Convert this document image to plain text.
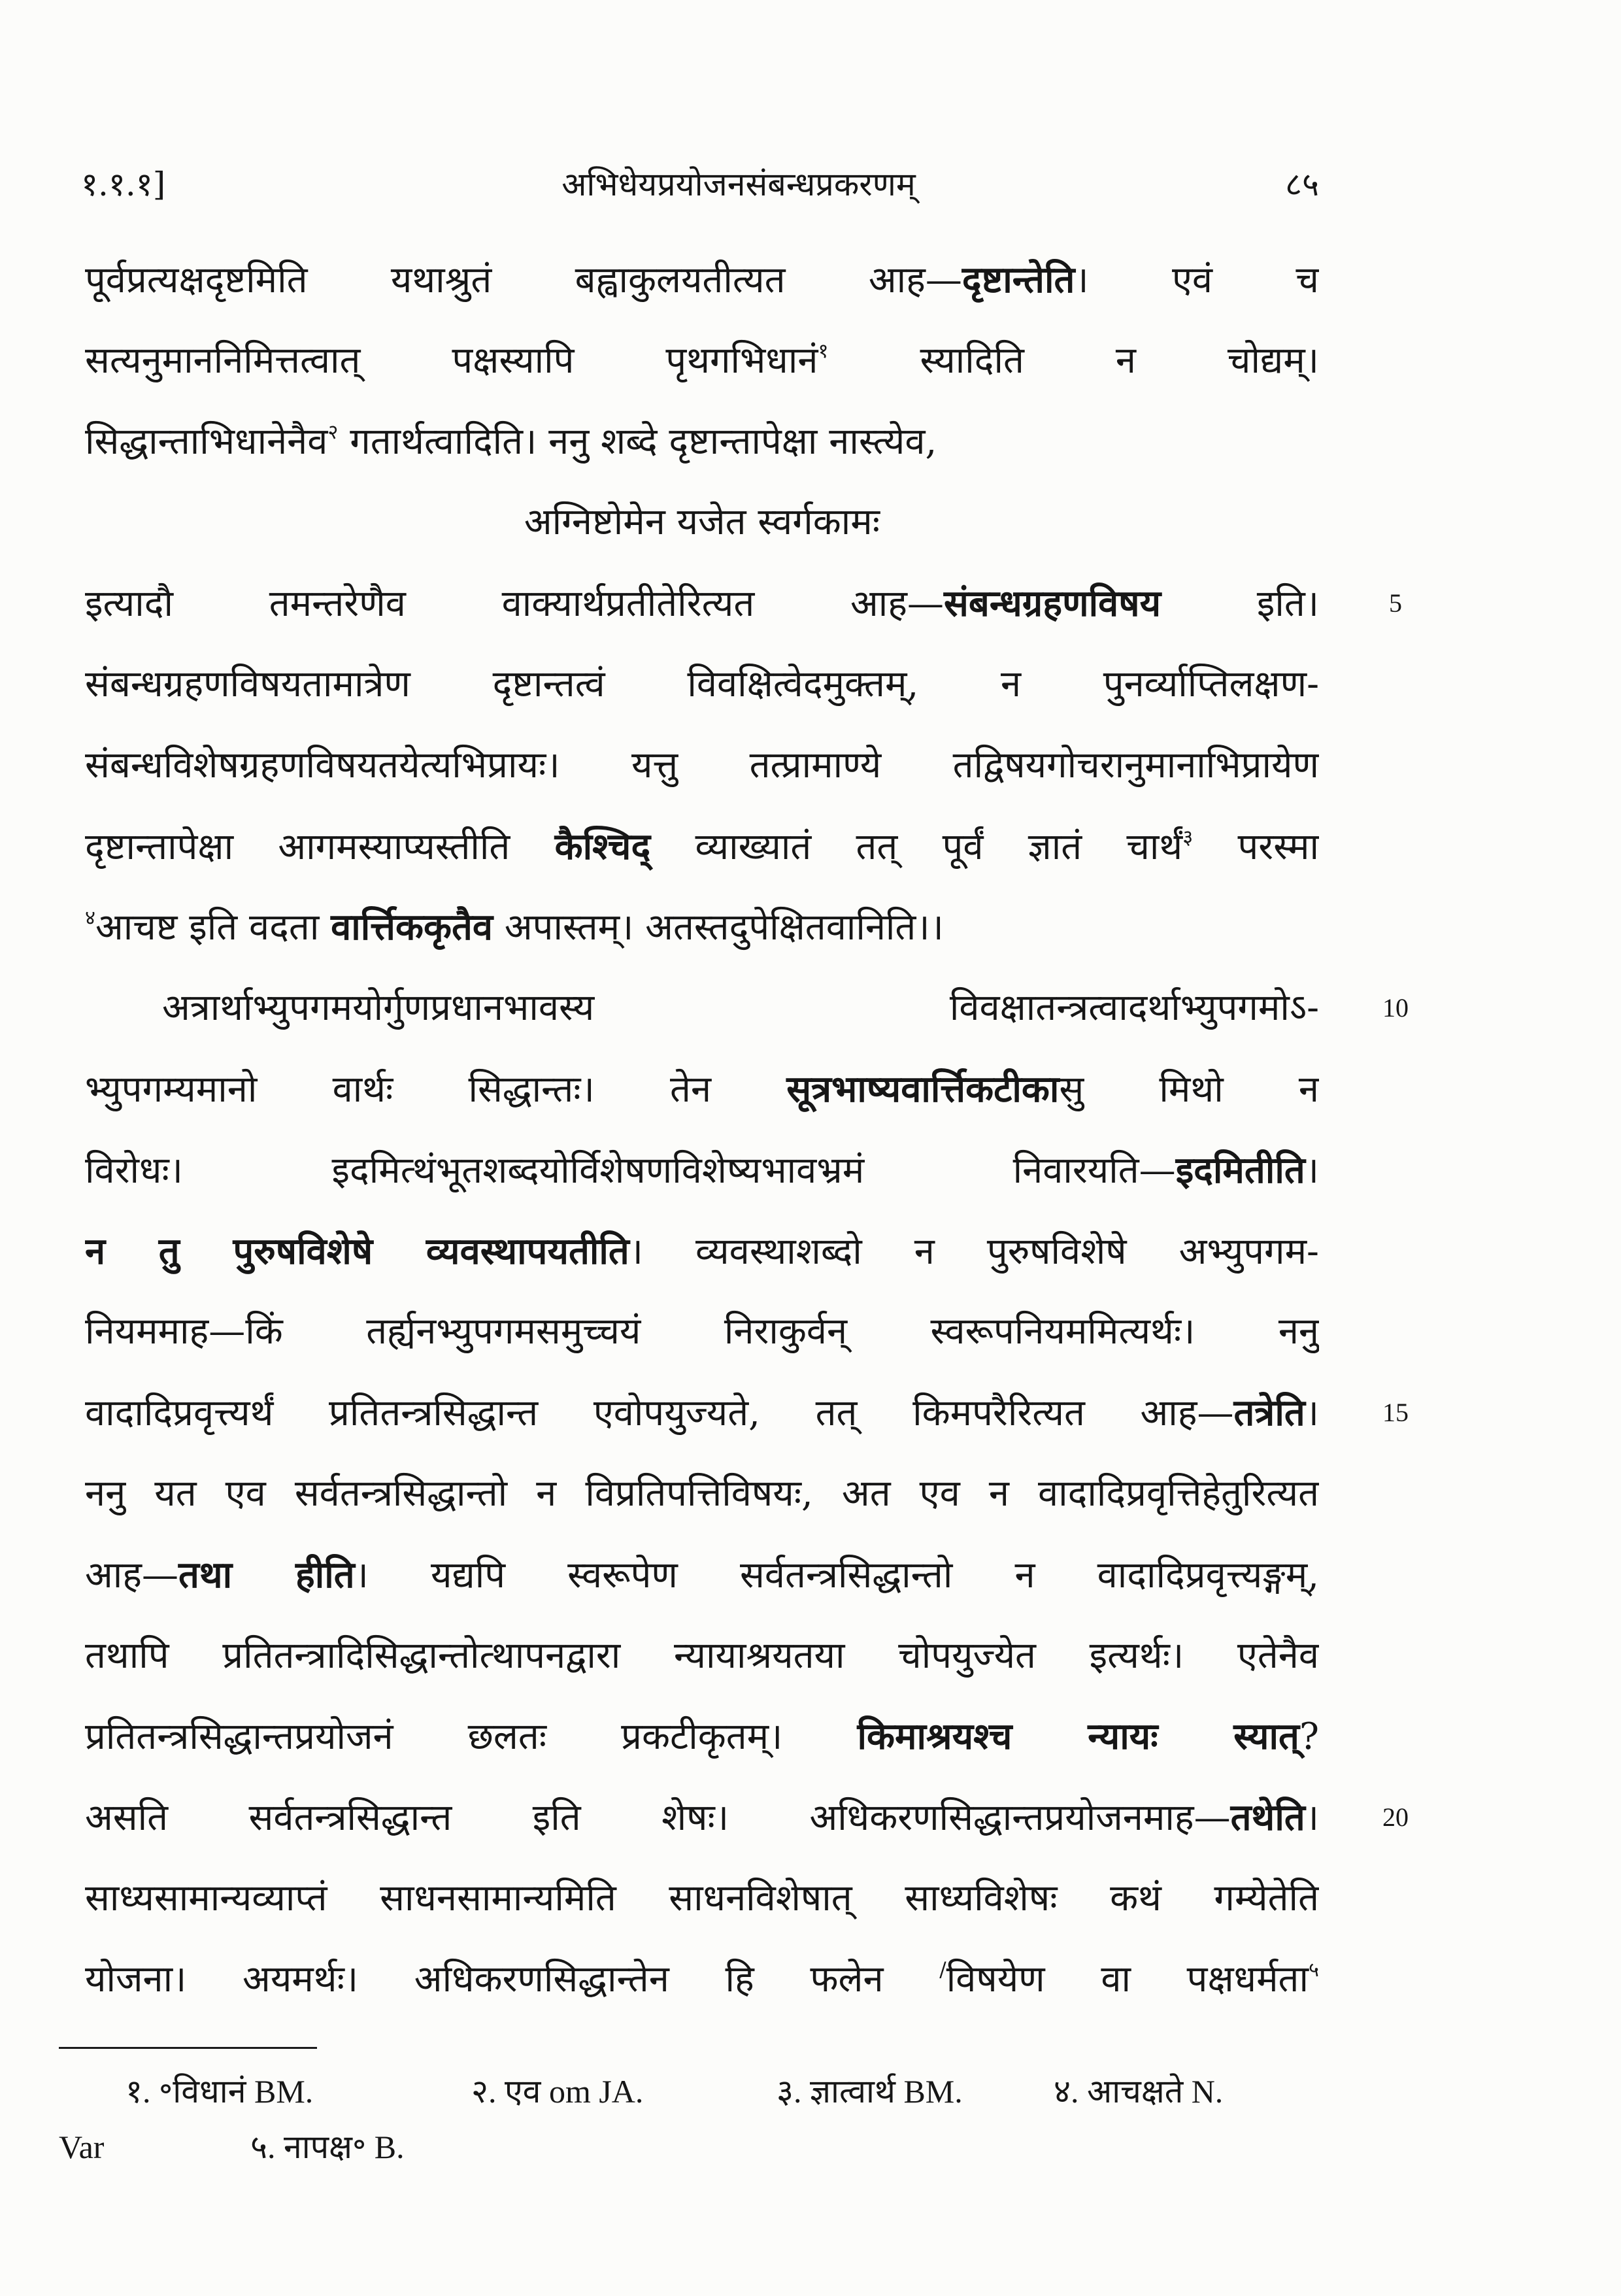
१.१.१]	अभिधेयप्रयोजनसंबन्धप्रकरणम्	८५
पूर्वप्रत्यक्षदृष्टमिति यथाश्रुतं बह्वाकुलयतीत्यत आह—दृष्टान्तेति। एवं च
सत्यनुमाननिमित्तत्वात् पक्षस्यापि पृथगभिधानं$^१$ स्यादिति न चोद्यम्।
सिद्धान्ताभिधानेनैव$^२$ गतार्थत्वादिति। ननु शब्दे दृष्टान्तापेक्षा नास्त्येव,
अग्निष्टोमेन यजेत स्वर्गकामः
इत्यादौ तमन्तरेणैव वाक्यार्थप्रतीतेरित्यत आह—संबन्धग्रहणविषय इति।
संबन्धग्रहणविषयतामात्रेण दृष्टान्तत्वं विवक्षित्वेदमुक्तम्, न पुनर्व्याप्तिलक्षण-
संबन्धविशेषग्रहणविषयतयेत्यभिप्रायः। यत्तु तत्प्रामाण्ये तद्विषयगोचरानुमानाभिप्रायेण
दृष्टान्तापेक्षा आगमस्याप्यस्तीति कैश्चिद् व्याख्यातं तत् पूर्वं ज्ञातं चार्थं$^३$ परस्मा
$^४$आचष्ट इति वदता वार्त्तिककृतैव अपास्तम्। अतस्तदुपेक्षितवानिति।।
अत्रार्थाभ्युपगमयोर्गुणप्रधानभावस्य विवक्षातन्त्रत्वादर्थाभ्युपगमोऽ-
भ्युपगम्यमानो वार्थः सिद्धान्तः। तेन सूत्रभाष्यवार्त्तिकटीकासु मिथो न
विरोधः। इदमित्थंभूतशब्दयोर्विशेषणविशेष्यभावभ्रमं निवारयति—इदमितीति।
न तु पुरुषविशेषे व्यवस्थापयतीति। व्यवस्थाशब्दो न पुरुषविशेषे अभ्युपगम-
नियममाह—किं तर्ह्यनभ्युपगमसमुच्चयं निराकुर्वन् स्वरूपनियममित्यर्थः। ननु
वादादिप्रवृत्त्यर्थं प्रतितन्त्रसिद्धान्त एवोपयुज्यते, तत् किमपरैरित्यत आह—तत्रेति।
ननु यत एव सर्वतन्त्रसिद्धान्तो न विप्रतिपत्तिविषयः, अत एव न वादादिप्रवृत्तिहेतुरित्यत
आह—तथा हीति। यद्यपि स्वरूपेण सर्वतन्त्रसिद्धान्तो न वादादिप्रवृत्त्यङ्गम्,
तथापि प्रतितन्त्रादिसिद्धान्तोत्थापनद्वारा न्यायाश्रयतया चोपयुज्येत इत्यर्थः। एतेनैव
प्रतितन्त्रसिद्धान्तप्रयोजनं छलतः प्रकटीकृतम्। किमाश्रयश्च न्यायः स्यात्?
असति सर्वतन्त्रसिद्धान्त इति शेषः। अधिकरणसिद्धान्तप्रयोजनमाह—तथेति।
साध्यसामान्यव्याप्तं साधनसामान्यमिति साधनविशेषात् साध्यविशेषः कथं गम्येतेति
योजना। अयमर्थः। अधिकरणसिद्धान्तेन हि फलेन /विषयेण वा पक्षधर्मता$^५$
5
10
15
20
१. ॰विधानं BM.	२. एव om JA.	३. ज्ञात्वार्थ BM.	४. आचक्षते N.
Var	५. नापक्ष॰ B.
